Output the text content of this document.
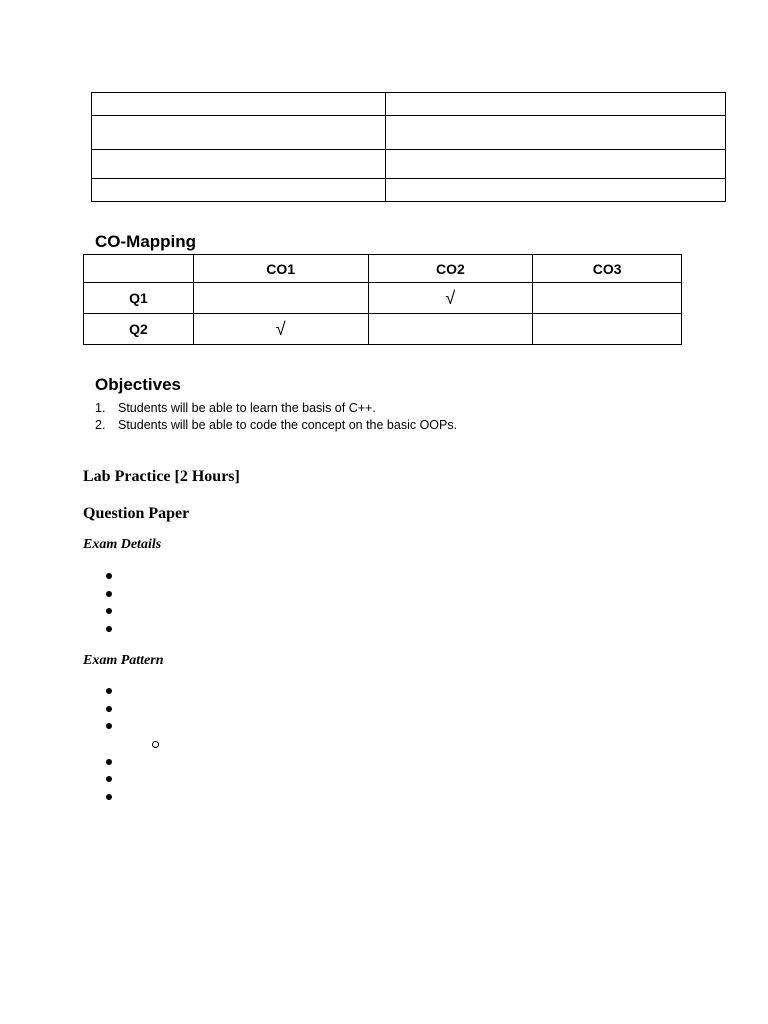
CO-Mapping
	CO1	CO2	CO3
Q1		√	
Q2	√		
Objectives
1.	Students will be able to learn the basis of C++.
2.	Students will be able to code the concept on the basic OOPs.
Lab Practice [2 Hours]
Question Paper
Exam Details
Exam Pattern
